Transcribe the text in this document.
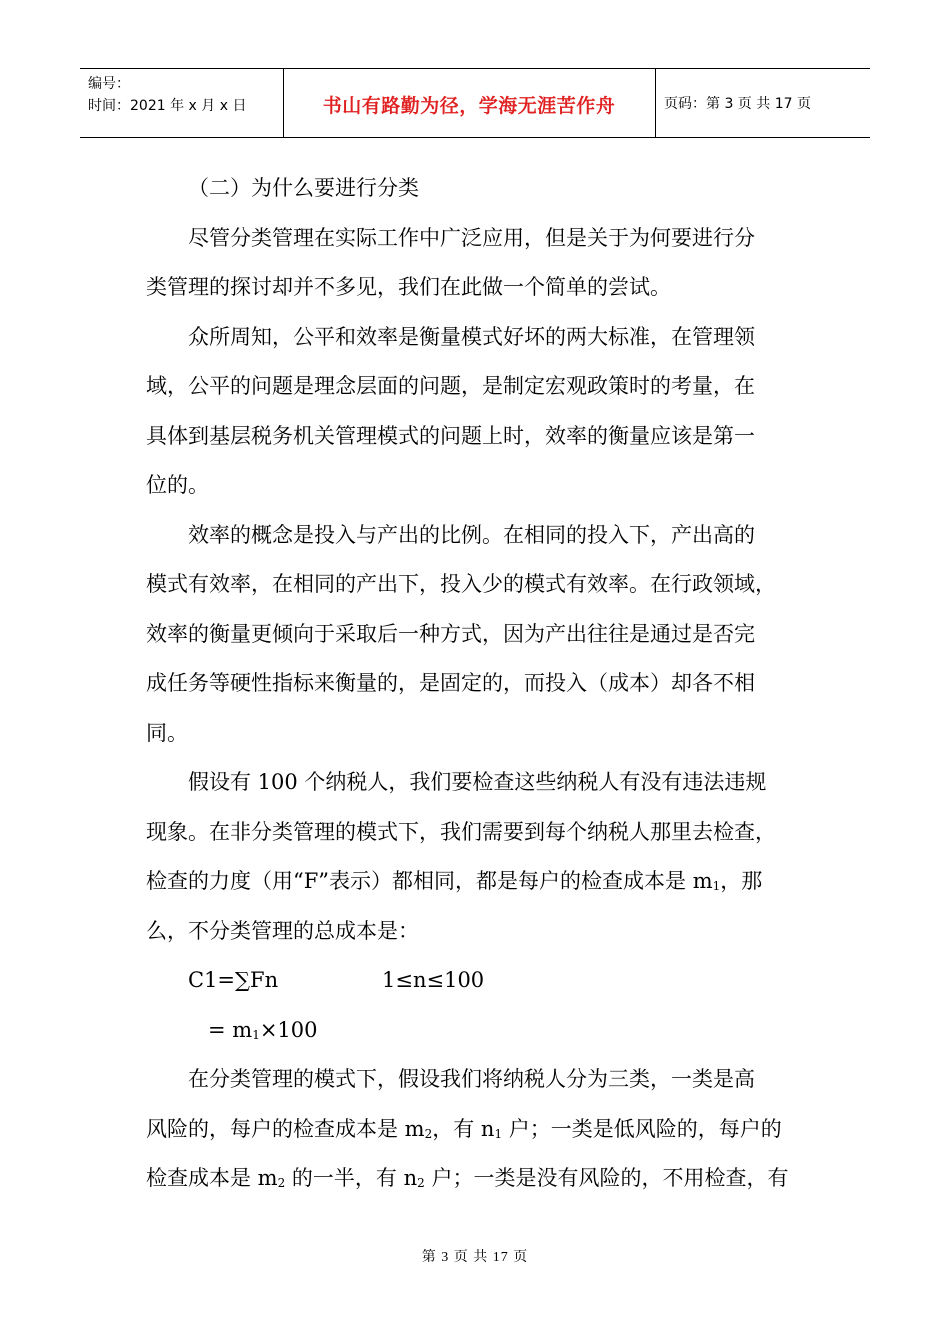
编号：
时间：2021 年 x 月 x 日	书山有路勤为径，学海无涯苦作舟	页码：第 3 页 共 17 页
（二）为什么要进行分类
尽管分类管理在实际工作中广泛应用，但是关于为何要进行分
类管理的探讨却并不多见，我们在此做一个简单的尝试。
众所周知，公平和效率是衡量模式好坏的两大标准，在管理领
域，公平的问题是理念层面的问题，是制定宏观政策时的考量，在
具体到基层税务机关管理模式的问题上时，效率的衡量应该是第一
位的。
效率的概念是投入与产出的比例。在相同的投入下，产出高的
模式有效率，在相同的产出下，投入少的模式有效率。在行政领域，
效率的衡量更倾向于采取后一种方式，因为产出往往是通过是否完
成任务等硬性指标来衡量的，是固定的，而投入（成本）却各不相
同。
假设有 100 个纳税人，我们要检查这些纳税人有没有违法违规
现象。在非分类管理的模式下，我们需要到每个纳税人那里去检查，
检查的力度（用“F”表示）都相同，都是每户的检查成本是 $m_1$，那
么，不分类管理的总成本是：
C1=∑Fn	1≤n≤100
= $m_1\times 100$
在分类管理的模式下，假设我们将纳税人分为三类，一类是高
风险的，每户的检查成本是 $m_2$，有 $n_1$ 户；一类是低风险的，每户的
检查成本是 $m_2$ 的一半，有 $n_2$ 户；一类是没有风险的，不用检查，有
第 3 页 共 17 页
